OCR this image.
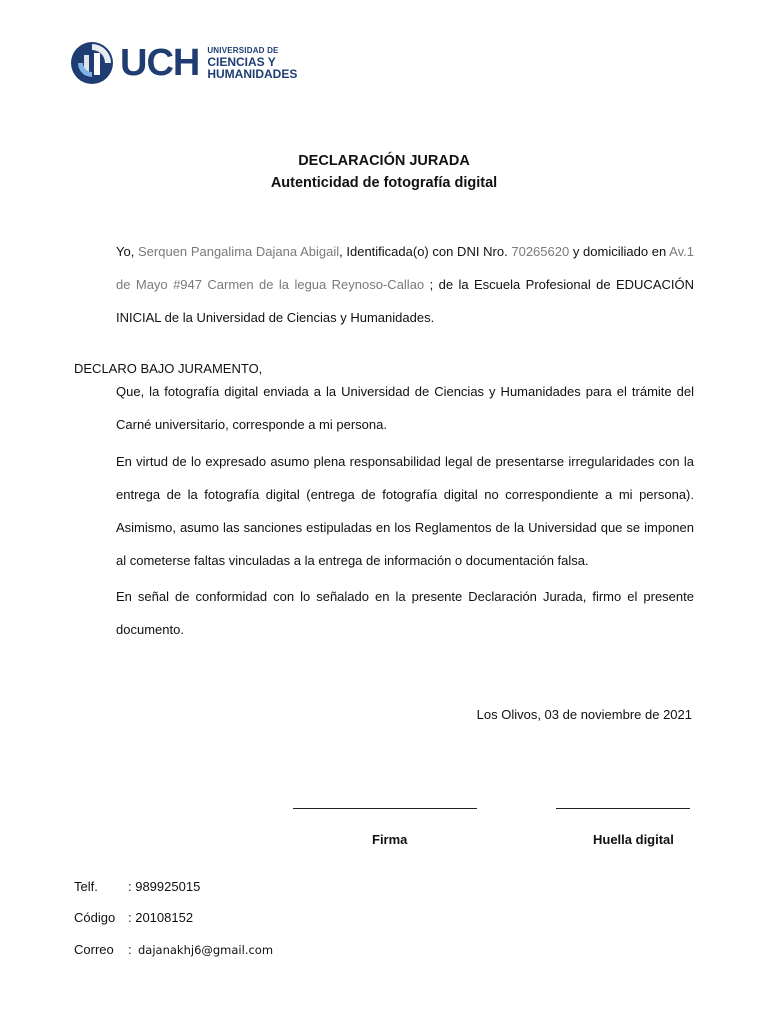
UCH UNIVERSIDAD DE
CIENCIAS Y
HUMANIDADES
DECLARACIÓN JURADA
Autenticidad de fotografía digital
Yo, Serquen Pangalima Dajana Abigail, Identificada(o) con DNI Nro. 70265620 y domiciliado en Av.1 de Mayo #947 Carmen de la legua Reynoso-Callao ; de la Escuela Profesional de EDUCACIÓN INICIAL de la Universidad de Ciencias y Humanidades.
DECLARO BAJO JURAMENTO,
Que, la fotografía digital enviada a la Universidad de Ciencias y Humanidades para el trámite del Carné universitario, corresponde a mi persona.
En virtud de lo expresado asumo plena responsabilidad legal de presentarse irregularidades con la entrega de la fotografía digital (entrega de fotografía digital no correspondiente a mi persona). Asimismo, asumo las sanciones estipuladas en los Reglamentos de la Universidad que se imponen al cometerse faltas vinculadas a la entrega de información o documentación falsa.
En señal de conformidad con lo señalado en la presente Declaración Jurada, firmo el presente documento.
Los Olivos, 03 de noviembre de 2021
Firma	Huella digital
Telf. : 989925015
Código : 20108152
Correo : dajanakhj6@gmail.com
